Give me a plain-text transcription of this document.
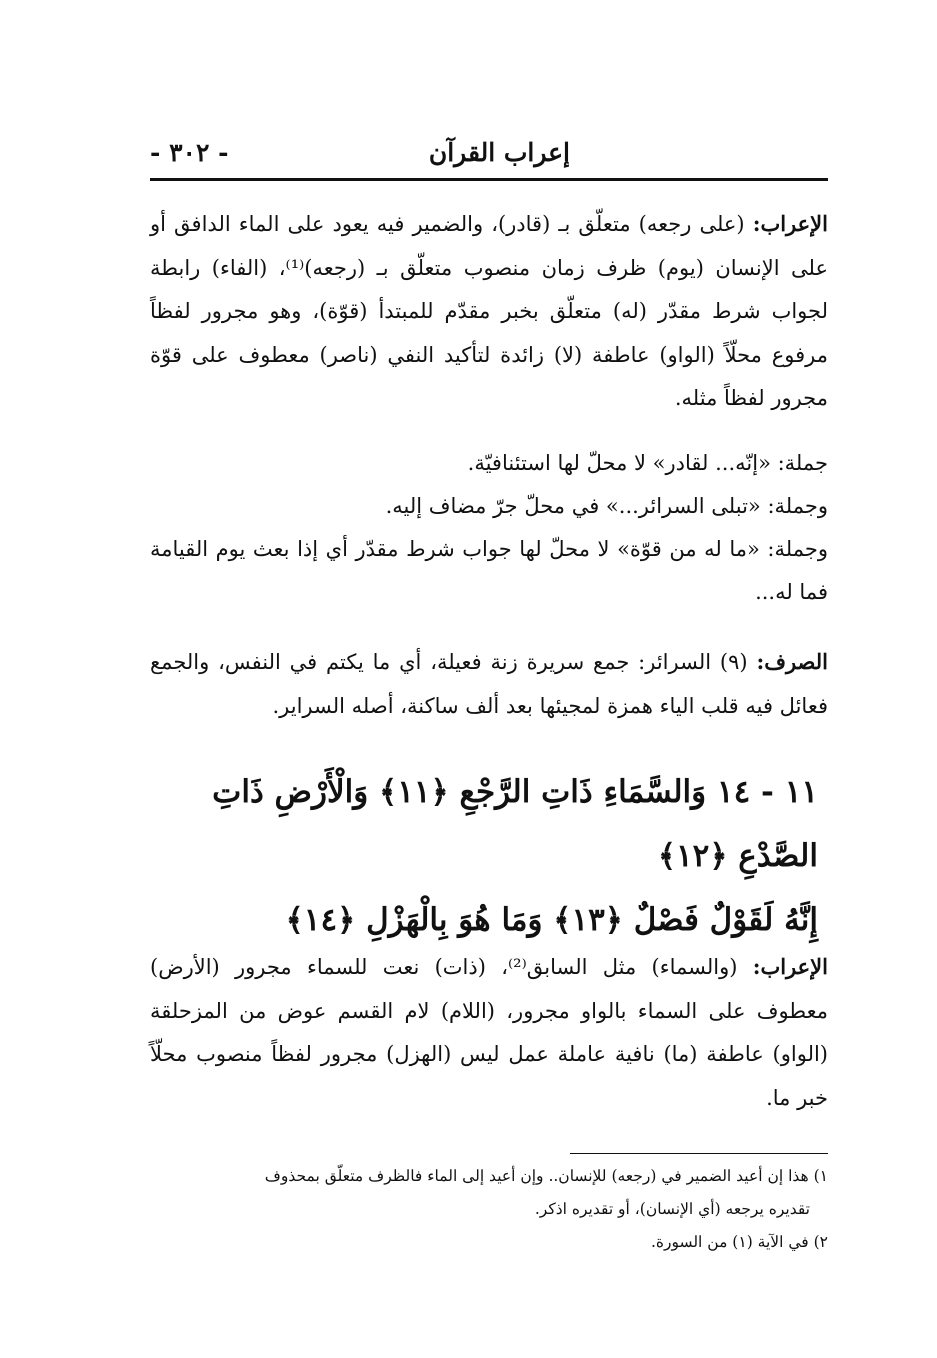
إعراب القرآن
- ٣٠٢ -
الإعراب: (على رجعه) متعلّق بـ (قادر)، والضمير فيه يعود على الماء الدافق أو على الإنسان (يوم) ظرف زمان منصوب متعلّق بـ (رجعه)⁽¹⁾، (الفاء) رابطة لجواب شرط مقدّر (له) متعلّق بخبر مقدّم للمبتدأ (قوّة)، وهو مجرور لفظاً مرفوع محلّاً (الواو) عاطفة (لا) زائدة لتأكيد النفي (ناصر) معطوف على قوّة مجرور لفظاً مثله.

جملة: «إنّه... لقادر» لا محلّ لها استئنافيّة.

وجملة: «تبلى السرائر...» في محلّ جرّ مضاف إليه.

وجملة: «ما له من قوّة» لا محلّ لها جواب شرط مقدّر أي إذا بعث يوم القيامة فما له...

الصرف: (٩) السرائر: جمع سريرة زنة فعيلة، أي ما يكتم في النفس، والجمع فعائل فيه قلب الياء همزة لمجيئها بعد ألف ساكنة، أصله السراير.
١١ - ١٤ وَالسَّمَاءِ ذَاتِ الرَّجْعِ ﴿١١﴾ وَالْأَرْضِ ذَاتِ الصَّدْعِ ﴿١٢﴾
إِنَّهُ لَقَوْلٌ فَصْلٌ ﴿١٣﴾ وَمَا هُوَ بِالْهَزْلِ ﴿١٤﴾
الإعراب: (والسماء) مثل السابق⁽²⁾، (ذات) نعت للسماء مجرور (الأرض) معطوف على السماء بالواو مجرور، (اللام) لام القسم عوض من المزحلقة (الواو) عاطفة (ما) نافية عاملة عمل ليس (الهزل) مجرور لفظاً منصوب محلّاً خبر ما.
١) هذا إن أعيد الضمير في (رجعه) للإنسان.. وإن أعيد إلى الماء فالظرف متعلّق بمحذوف
تقديره يرجعه (أي الإنسان)، أو تقديره اذكر.
٢) في الآية (١) من السورة.
